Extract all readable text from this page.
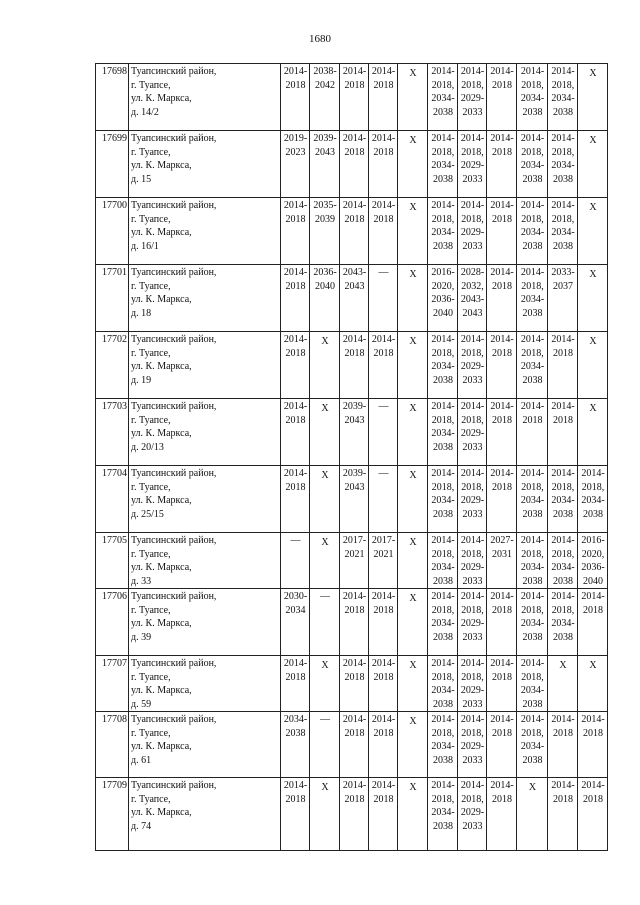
1680
17698	Туапсинский район,
г. Туапсе,
ул. К. Маркса,
д. 14/2	2014-
2018	2038-
2042	2014-
2018	2014-
2018	X	2014-
2018,
2034-
2038	2014-
2018,
2029-
2033	2014-
2018	2014-
2018,
2034-
2038	2014-
2018,
2034-
2038	X

17699	Туапсинский район,
г. Туапсе,
ул. К. Маркса,
д. 15	2019-
2023	2039-
2043	2014-
2018	2014-
2018	X	2014-
2018,
2034-
2038	2014-
2018,
2029-
2033	2014-
2018	2014-
2018,
2034-
2038	2014-
2018,
2034-
2038	X

17700	Туапсинский район,
г. Туапсе,
ул. К. Маркса,
д. 16/1	2014-
2018	2035-
2039	2014-
2018	2014-
2018	X	2014-
2018,
2034-
2038	2014-
2018,
2029-
2033	2014-
2018	2014-
2018,
2034-
2038	2014-
2018,
2034-
2038	X

17701	Туапсинский район,
г. Туапсе,
ул. К. Маркса,
д. 18	2014-
2018	2036-
2040	2043-
2043	—	X	2016-
2020,
2036-
2040	2028-
2032,
2043-
2043	2014-
2018	2014-
2018,
2034-
2038	2033-
2037	X

17702	Туапсинский район,
г. Туапсе,
ул. К. Маркса,
д. 19	2014-
2018	X	2014-
2018	2014-
2018	X	2014-
2018,
2034-
2038	2014-
2018,
2029-
2033	2014-
2018	2014-
2018,
2034-
2038	2014-
2018	X

17703	Туапсинский район,
г. Туапсе,
ул. К. Маркса,
д. 20/13	2014-
2018	X	2039-
2043	—	X	2014-
2018,
2034-
2038	2014-
2018,
2029-
2033	2014-
2018	2014-
2018	2014-
2018	X

17704	Туапсинский район,
г. Туапсе,
ул. К. Маркса,
д. 25/15	2014-
2018	X	2039-
2043	—	X	2014-
2018,
2034-
2038	2014-
2018,
2029-
2033	2014-
2018	2014-
2018,
2034-
2038	2014-
2018,
2034-
2038	2014-
2018,
2034-
2038

17705	Туапсинский район,
г. Туапсе,
ул. К. Маркса,
д. 33	—	X	2017-
2021	2017-
2021	X	2014-
2018,
2034-
2038	2014-
2018,
2029-
2033	2027-
2031	2014-
2018,
2034-
2038	2014-
2018,
2034-
2038	2016-
2020,
2036-
2040

17706	Туапсинский район,
г. Туапсе,
ул. К. Маркса,
д. 39	2030-
2034	—	2014-
2018	2014-
2018	X	2014-
2018,
2034-
2038	2014-
2018,
2029-
2033	2014-
2018	2014-
2018,
2034-
2038	2014-
2018,
2034-
2038	2014-
2018

17707	Туапсинский район,
г. Туапсе,
ул. К. Маркса,
д. 59	2014-
2018	X	2014-
2018	2014-
2018	X	2014-
2018,
2034-
2038	2014-
2018,
2029-
2033	2014-
2018	2014-
2018,
2034-
2038	X	X

17708	Туапсинский район,
г. Туапсе,
ул. К. Маркса,
д. 61	2034-
2038	—	2014-
2018	2014-
2018	X	2014-
2018,
2034-
2038	2014-
2018,
2029-
2033	2014-
2018	2014-
2018,
2034-
2038	2014-
2018	2014-
2018

17709	Туапсинский район,
г. Туапсе,
ул. К. Маркса,
д. 74	2014-
2018	X	2014-
2018	2014-
2018	X	2014-
2018,
2034-
2038	2014-
2018,
2029-
2033	2014-
2018	X	2014-
2018	2014-
2018
